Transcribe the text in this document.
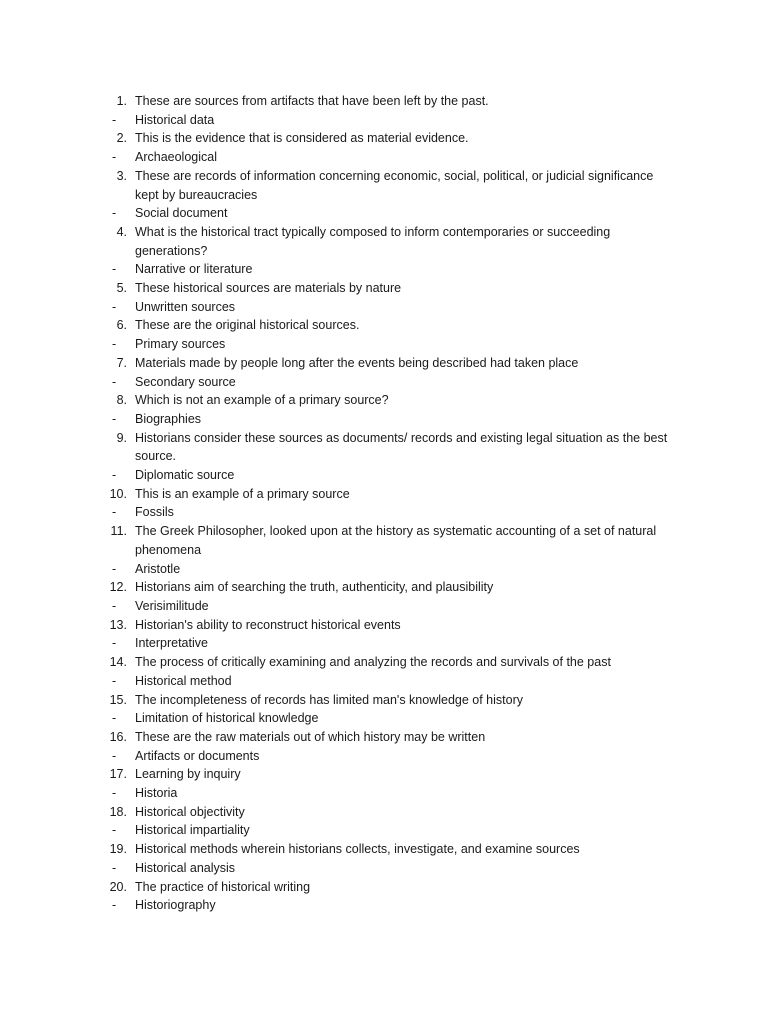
1. These are sources from artifacts that have been left by the past.
-	Historical data
2. This is the evidence that is considered as material evidence.
-	Archaeological
3. These are records of information concerning economic, social, political, or judicial significance kept by bureaucracies
-	Social document
4. What is the historical tract typically composed to inform contemporaries or succeeding generations?
-	Narrative or literature
5. These historical sources are materials by nature
-	Unwritten sources
6. These are the original historical sources.
-	Primary sources
7. Materials made by people long after the events being described had taken place
-	Secondary source
8. Which is not an example of a primary source?
-	Biographies
9. Historians consider these sources as documents/ records and existing legal situation as the best source.
-	Diplomatic source
10. This is an example of a primary source
-	Fossils
11. The Greek Philosopher, looked upon at the history as systematic accounting of a set of natural phenomena
-	Aristotle
12. Historians aim of searching the truth, authenticity, and plausibility
-	Verisimilitude
13. Historian's ability to reconstruct historical events
-	Interpretative
14. The process of critically examining and analyzing the records and survivals of the past
-	Historical method
15. The incompleteness of records has limited man's knowledge of history
-	Limitation of historical knowledge
16. These are the raw materials out of which history may be written
-	Artifacts or documents
17. Learning by inquiry
-	Historia
18. Historical objectivity
-	Historical impartiality
19. Historical methods wherein historians collects, investigate, and examine sources
-	Historical analysis
20. The practice of historical writing
-	Historiography
